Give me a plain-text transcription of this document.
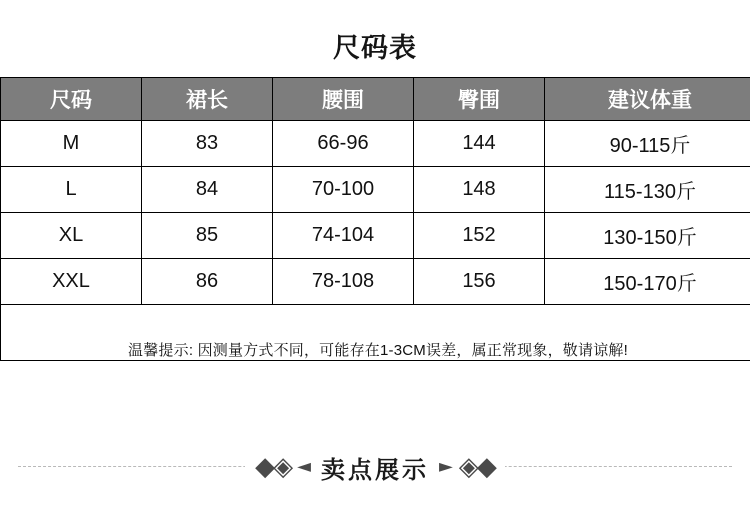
尺码表
尺码	裙长	腰围	臀围	建议体重
M	83	66-96	144	90-115斤
L	84	70-100	148	115-130斤
XL	85	74-104	152	130-150斤
XXL	86	78-108	156	150-170斤

温馨提示: 因测量方式不同，可能存在1-3CM误差，属正常现象，敬请谅解!				
◆◈ ◄ 卖点展示 ► ◈◆
